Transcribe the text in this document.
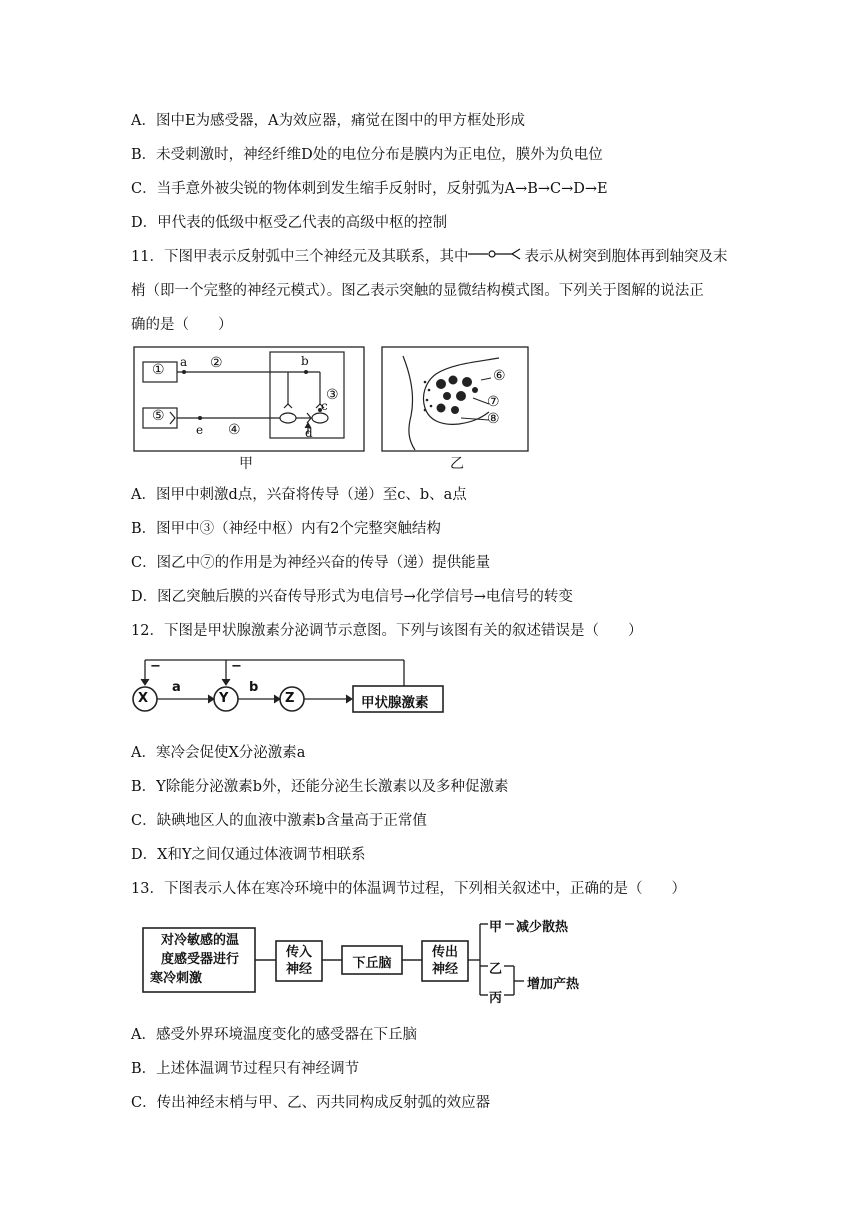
A．图中E为感受器，A为效应器，痛觉在图中的甲方框处形成
B．未受刺激时，神经纤维D处的电位分布是膜内为正电位，膜外为负电位
C．当手意外被尖锐的物体刺到发生缩手反射时，反射弧为A→B→C→D→E
D．甲代表的低级中枢受乙代表的高级中枢的控制
11．下图甲表示反射弧中三个神经元及其联系，其中	表示从树突到胞体再到轴突及末
梢（即一个完整的神经元模式）。图乙表示突触的显微结构模式图。下列关于图解的说法正
确的是（　　）
① a ②	b
③
c
⑤
e ④	d
甲
⑥
⑦
⑧
乙
A．图甲中刺激d点，兴奋将传导（递）至c、b、a点
B．图甲中③（神经中枢）内有2个完整突触结构
C．图乙中⑦的作用是为神经兴奋的传导（递）提供能量
D．图乙突触后膜的兴奋传导形式为电信号→化学信号→电信号的转变
12．下图是甲状腺激素分泌调节示意图。下列与该图有关的叙述错误是（　　）
X	Y	Z
a	b
−	−
甲状腺激素
A．寒冷会促使X分泌激素a
B．Y除能分泌激素b外，还能分泌生长激素以及多种促激素
C．缺碘地区人的血液中激素b含量高于正常值
D．X和Y之间仅通过体液调节相联系
13．下图表示人体在寒冷环境中的体温调节过程，下列相关叙述中，正确的是（　　）
对冷敏感的温
度感受器进行
寒冷刺激
传入
神经	下丘脑
传出
神经
甲 减少散热
乙
丙
增加产热
A．感受外界环境温度变化的感受器在下丘脑
B．上述体温调节过程只有神经调节
C．传出神经末梢与甲、乙、丙共同构成反射弧的效应器
